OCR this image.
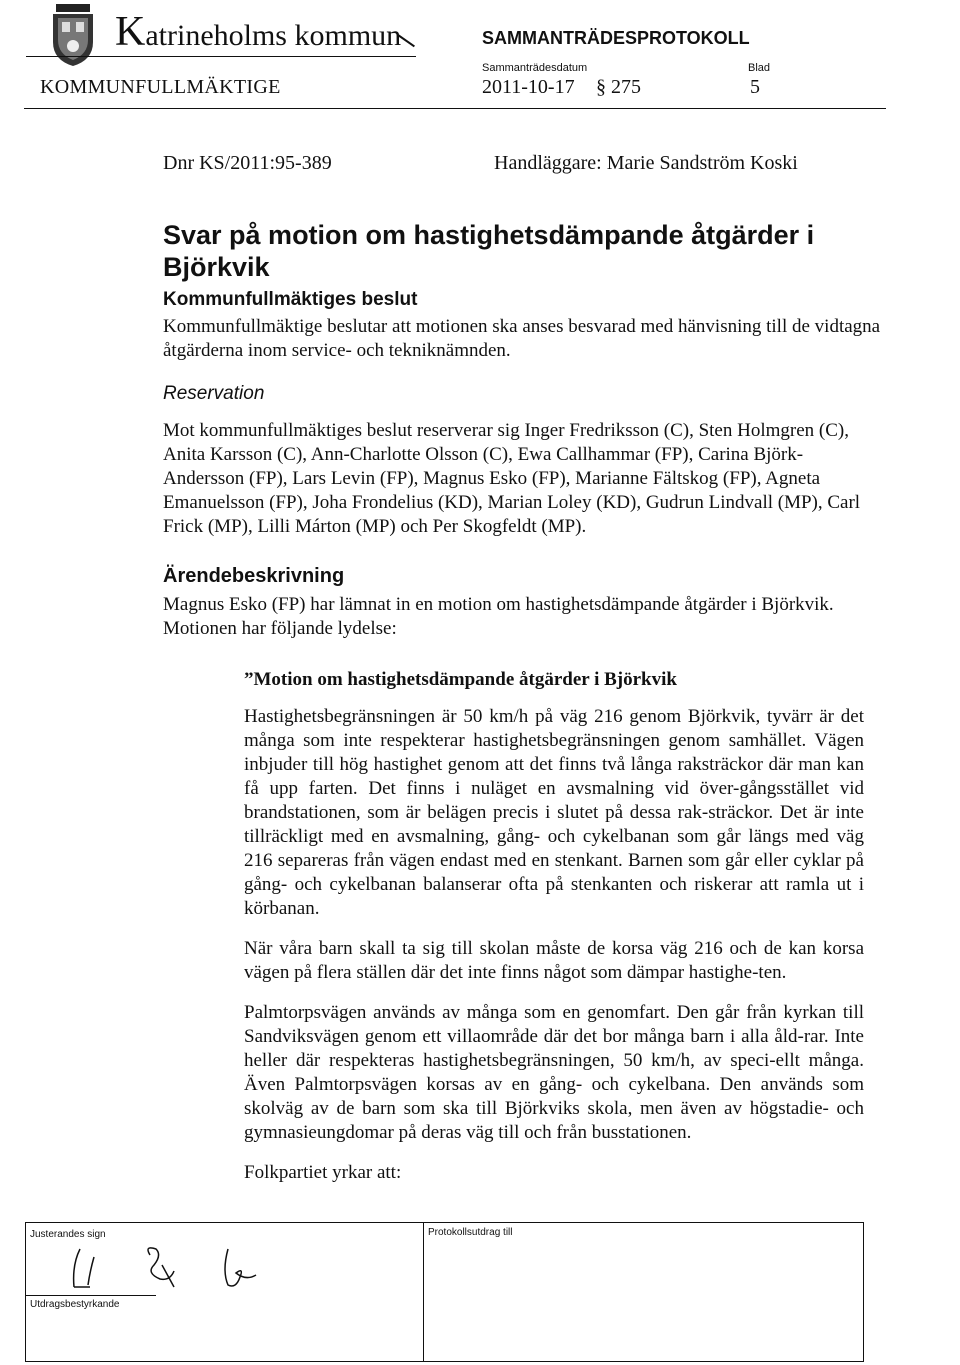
Katrineholms kommun	SAMMANTRÄDESPROTOKOLL
Sammanträdesdatum	Blad
KOMMUNFULLMÄKTIGE	2011-10-17 § 275	5
Dnr KS/2011:95-389	Handläggare: Marie Sandström Koski
Svar på motion om hastighetsdämpande åtgärder i Björkvik
Kommunfullmäktiges beslut

Kommunfullmäktige beslutar att motionen ska anses besvarad med hänvisning till de vidtagna åtgärderna inom service- och tekniknämnden.

Reservation

Mot kommunfullmäktiges beslut reserverar sig Inger Fredriksson (C), Sten Holmgren (C), Anita Karsson (C), Ann-Charlotte Olsson (C), Ewa Callhammar (FP), Carina Björk-Andersson (FP), Lars Levin (FP), Magnus Esko (FP), Marianne Fältskog (FP), Agneta Emanuelsson (FP), Joha Frondelius (KD), Marian Loley (KD), Gudrun Lindvall (MP), Carl Frick (MP), Lilli Márton (MP) och Per Skogfeldt (MP).

Ärendebeskrivning

Magnus Esko (FP) har lämnat in en motion om hastighetsdämpande åtgärder i Björkvik. Motionen har följande lydelse:

”Motion om hastighetsdämpande åtgärder i Björkvik

Hastighetsbegränsningen är 50 km/h på väg 216 genom Björkvik, tyvärr är det många som inte respekterar hastighetsbegränsningen genom samhället. Vägen inbjuder till hög hastighet genom att det finns två långa raksträckor där man kan få upp farten. Det finns i nuläget en avsmalning vid över-gångsstället vid brandstationen, som är belägen precis i slutet på dessa rak-sträckor. Det är inte tillräckligt med en avsmalning, gång- och cykelbanan som går längs med väg 216 separeras från vägen endast med en stenkant. Barnen som går eller cyklar på gång- och cykelbanan balanserar ofta på stenkanten och riskerar att ramla ut i körbanan.

När våra barn skall ta sig till skolan måste de korsa väg 216 och de kan korsa vägen på flera ställen där det inte finns något som dämpar hastighe-ten.

Palmtorpsvägen används av många som en genomfart. Den går från kyrkan till Sandviksvägen genom ett villaområde där det bor många barn i alla åld-rar. Inte heller där respekteras hastighetsbegränsningen, 50 km/h, av speci-ellt många. Även Palmtorpsvägen korsas av en gång- och cykelbana. Den används som skolväg av de barn som ska till Björkviks skola, men även av högstadie- och gymnasieungdomar på deras väg till och från busstationen.

Folkpartiet yrkar att:

Justerandes sign
Utdragsbestyrkande
Protokollsutdrag till
